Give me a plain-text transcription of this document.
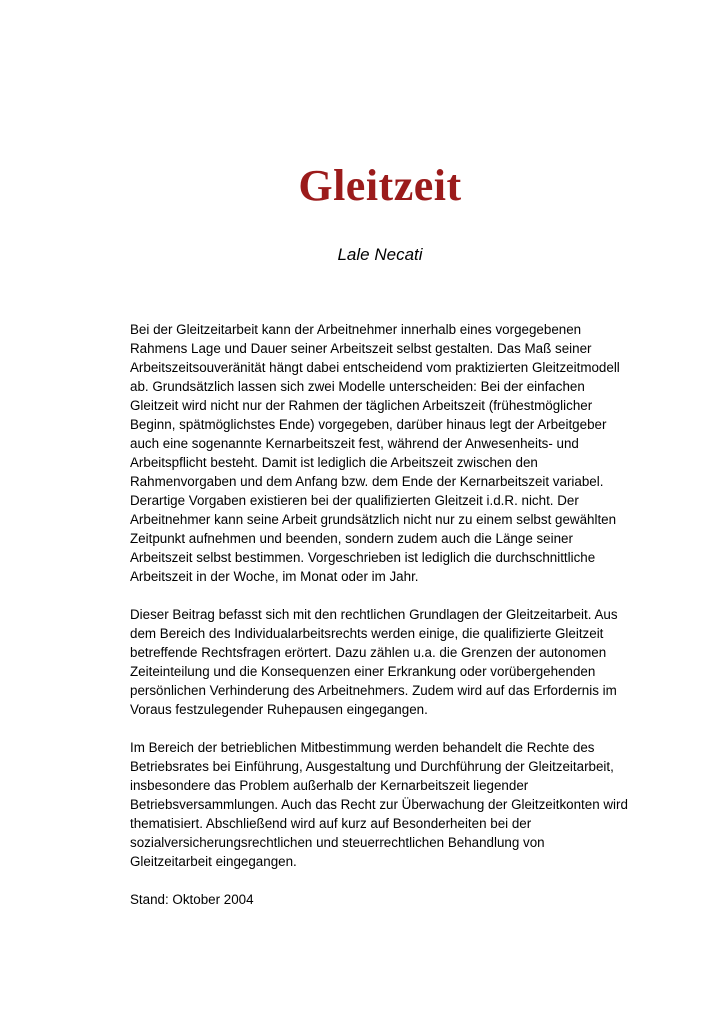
Gleitzeit
Lale Necati

Bei der Gleitzeitarbeit kann der Arbeitnehmer innerhalb eines vorgegebenen Rahmens Lage und Dauer seiner Arbeitszeit selbst gestalten. Das Maß seiner Arbeitszeitsouveränität hängt dabei entscheidend vom praktizierten Gleitzeitmodell ab. Grundsätzlich lassen sich zwei Modelle unterscheiden: Bei der einfachen Gleitzeit wird nicht nur der Rahmen der täglichen Arbeitszeit (frühestmöglicher Beginn, spätmöglichstes Ende) vorgegeben, darüber hinaus legt der Arbeitgeber auch eine sogenannte Kernarbeitszeit fest, während der Anwesenheits- und Arbeitspflicht besteht. Damit ist lediglich die Arbeitszeit zwischen den Rahmenvorgaben und dem Anfang bzw. dem Ende der Kernarbeitszeit variabel. Derartige Vorgaben existieren bei der qualifizierten Gleitzeit i.d.R. nicht. Der Arbeitnehmer kann seine Arbeit grundsätzlich nicht nur zu einem selbst gewählten Zeitpunkt aufnehmen und beenden, sondern zudem auch die Länge seiner Arbeitszeit selbst bestimmen. Vorgeschrieben ist lediglich die durchschnittliche Arbeitszeit in der Woche, im Monat oder im Jahr.

Dieser Beitrag befasst sich mit den rechtlichen Grundlagen der Gleitzeitarbeit. Aus dem Bereich des Individualarbeitsrechts werden einige, die qualifizierte Gleitzeit betreffende Rechtsfragen erörtert. Dazu zählen u.a. die Grenzen der autonomen Zeiteinteilung und die Konsequenzen einer Erkrankung oder vorübergehenden persönlichen Verhinderung des Arbeitnehmers. Zudem wird auf das Erfordernis im Voraus festzulegender Ruhepausen eingegangen.

Im Bereich der betrieblichen Mitbestimmung werden behandelt die Rechte des Betriebsrates bei Einführung, Ausgestaltung und Durchführung der Gleitzeitarbeit, insbesondere das Problem außerhalb der Kernarbeitszeit liegender Betriebsversammlungen. Auch das Recht zur Überwachung der Gleitzeitkonten wird thematisiert. Abschließend wird auf kurz auf Besonderheiten bei der sozialversicherungsrechtlichen und steuerrechtlichen Behandlung von Gleitzeitarbeit eingegangen.

Stand: Oktober 2004
